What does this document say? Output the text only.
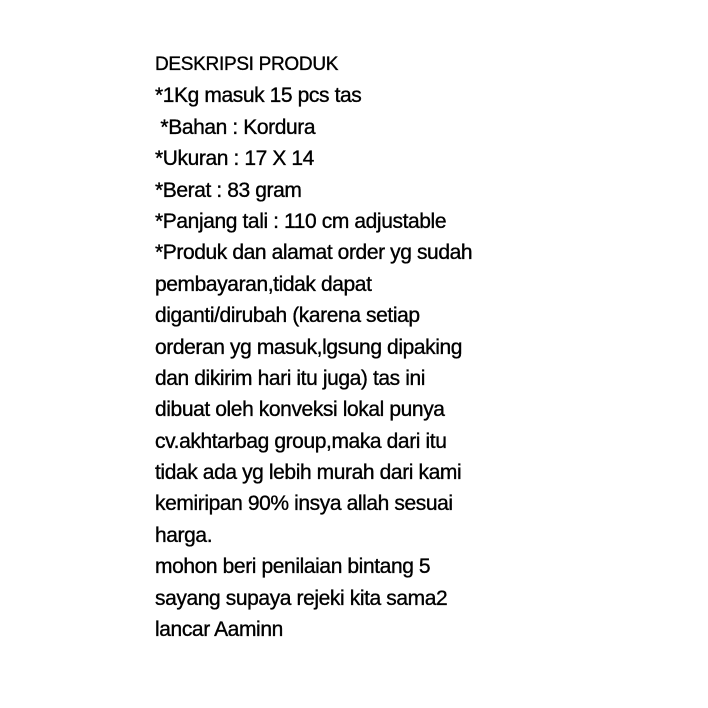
DESKRIPSI PRODUK
*1Kg masuk 15 pcs tas
*Bahan : Kordura
*Ukuran : 17 X 14
*Berat : 83 gram
*Panjang tali : 110 cm adjustable
*Produk dan alamat order yg sudah
pembayaran,tidak dapat
diganti/dirubah (karena setiap
orderan yg masuk,lgsung dipaking
dan dikirim hari itu juga) tas ini
dibuat oleh konveksi lokal punya
cv.akhtarbag group,maka dari itu
tidak ada yg lebih murah dari kami
kemiripan 90% insya allah sesuai
harga.
mohon beri penilaian bintang 5
sayang supaya rejeki kita sama2
lancar Aaminn
